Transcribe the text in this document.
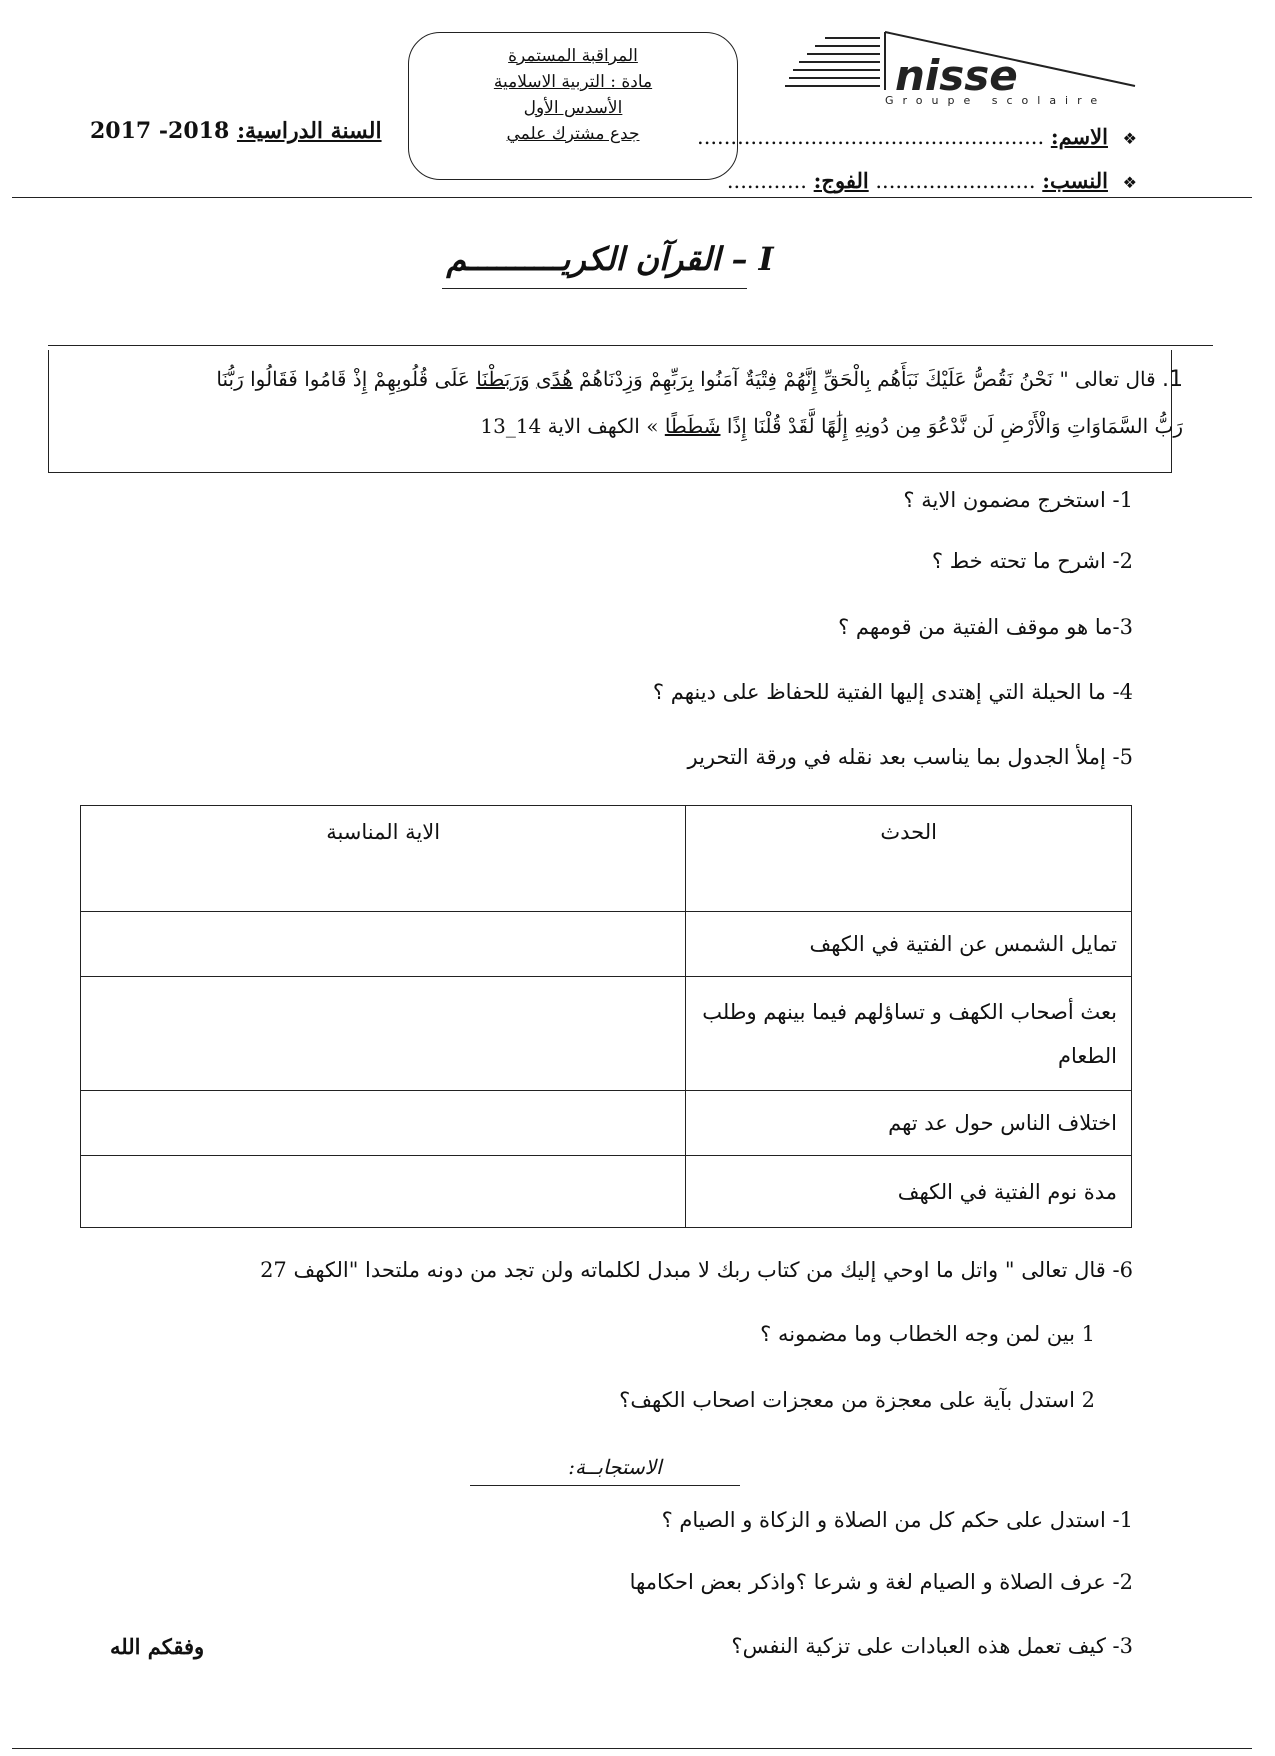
السنة الدراسية: 2018- 2017
المراقبة المستمرة
مادة : التربية الاسلامية
الأسدس الأول
جدع مشترك علمي
nisse
Groupe scolaire
❖ الاسم: ....................................................
❖ النسب: ........................ الفوج: ............
I – القرآن الكريــــــــــم
1. قال تعالى " نَحْنُ نَقُصُّ عَلَيْكَ نَبَأَهُم بِالْحَقِّ إِنَّهُمْ فِتْيَةٌ آمَنُوا بِرَبِّهِمْ وَزِدْنَاهُمْ هُدًى وَرَبَطْنَا عَلَى قُلُوبِهِمْ إِذْ قَامُوا فَقَالُوا رَبُّنَا
رَبُّ السَّمَاوَاتِ وَالْأَرْضِ لَن نَّدْعُوَ مِن دُونِهِ إِلَٰهًا لَّقَدْ قُلْنَا إِذًا شَطَطًا » الكهف الاية 14_13
1- استخرج مضمون الاية ؟
2- اشرح ما تحته خط ؟
3-ما هو موقف الفتية من قومهم ؟
4- ما الحيلة التي إهتدى إليها الفتية للحفاظ على دينهم ؟
5- إملأ الجدول بما يناسب بعد نقله في ورقة التحرير
الحدث	الاية المناسبة
تمايل الشمس عن الفتية في الكهف	
بعث أصحاب الكهف و تساؤلهم فيما بينهم وطلب الطعام	
اختلاف الناس حول عد تهم	
مدة نوم الفتية في الكهف	
6- قال تعالى " واتل ما اوحي إليك من كتاب ربك لا مبدل لكلماته ولن تجد من دونه ملتحدا "الكهف 27
1 بين لمن وجه الخطاب وما مضمونه ؟
2 استدل بآية على معجزة من معجزات اصحاب الكهف؟
الاستجابــة:
1- استدل على حكم كل من الصلاة و الزكاة و الصيام ؟
2- عرف الصلاة و الصيام لغة و شرعا ؟واذكر بعض احكامها
3- كيف تعمل هذه العبادات على تزكية النفس؟
وفقكم الله
